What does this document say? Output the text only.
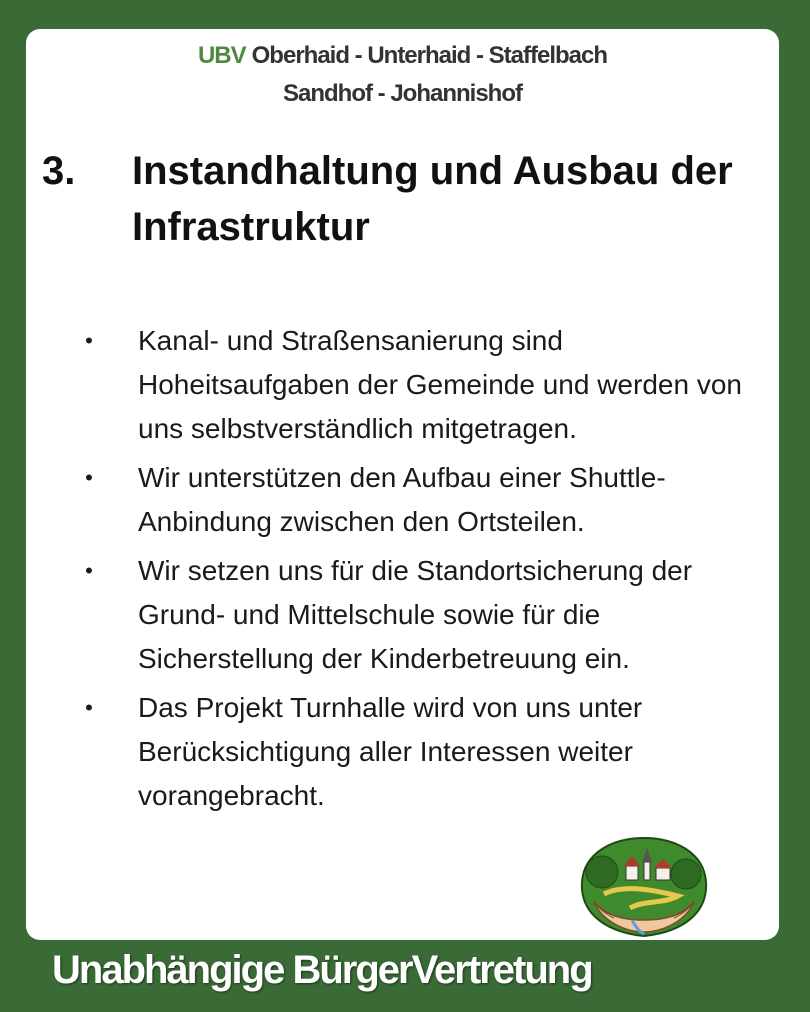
UBV Oberhaid - Unterhaid - Staffelbach
Sandhof - Johannishof
3. Instandhaltung und Ausbau der Infrastruktur
• Kanal- und Straßensanierung sind Hoheitsaufgaben der Gemeinde und werden von uns selbstverständlich mitgetragen.
• Wir unterstützen den Aufbau einer Shuttle-Anbindung zwischen den Ortsteilen.
• Wir setzen uns für die Standortsicherung der Grund- und Mittelschule sowie für die Sicherstellung der Kinderbetreuung ein.
• Das Projekt Turnhalle wird von uns unter Berücksichtigung aller Interessen weiter vorangebracht.
Unabhängige BürgerVertretung
